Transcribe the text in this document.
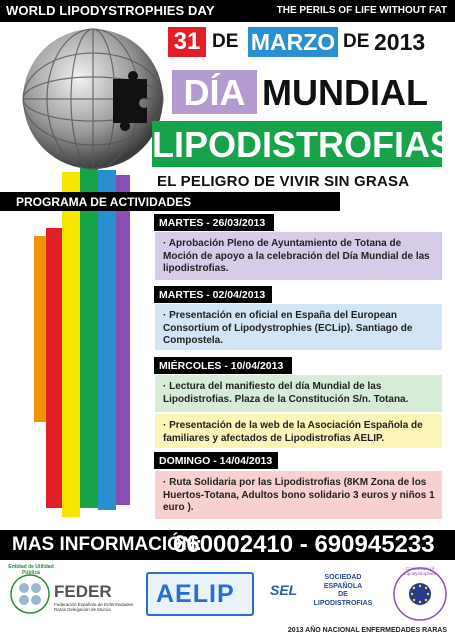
WORLD LIPODYSTROPHIES DAY	THE PERILS OF LIFE WITHOUT FAT
31 DE MARZO DE 2013
DÍA MUNDIAL
LIPODISTROFIAS
EL PELIGRO DE VIVIR SIN GRASA
PROGRAMA DE ACTIVIDADES
MARTES - 26/03/2013
· Aprobación Pleno de Ayuntamiento de Totana de Moción de apoyo a la celebración del Día Mundial de las lipodistrofias.
MARTES - 02/04/2013
· Presentación en oficial en España del European Consortium of Lipodystrophies (ECLip). Santiago de Compostela.
MIÉRCOLES - 10/04/2013
· Lectura del manifiesto del día Mundial de las Lipodistrofias. Plaza de la Constitución S/n. Totana.
· Presentación de la web de la Asociación Española de familiares y afectados de Lipodistrofias AELIP.
DOMINGO - 14/04/2013
· Ruta Solidaria por las Lipodistrofias (8KM Zona de los Huertos-Totana, Adultos bono solidario 3 euros y niños 1 euro ).
MAS INFORMACIÓN:
660002410 - 690945233
Entidad de Utilidad Pública
FEDER
Federación Española de Enfermedades Raras Delegación de Murcia
AELIP	SEL
SOCIEDAD
ESPAÑOLA
DE
LIPODISTROFIAS
Consortium of Lipodystrophies
2013 AÑO NACIONAL ENFERMEDADES RARAS
